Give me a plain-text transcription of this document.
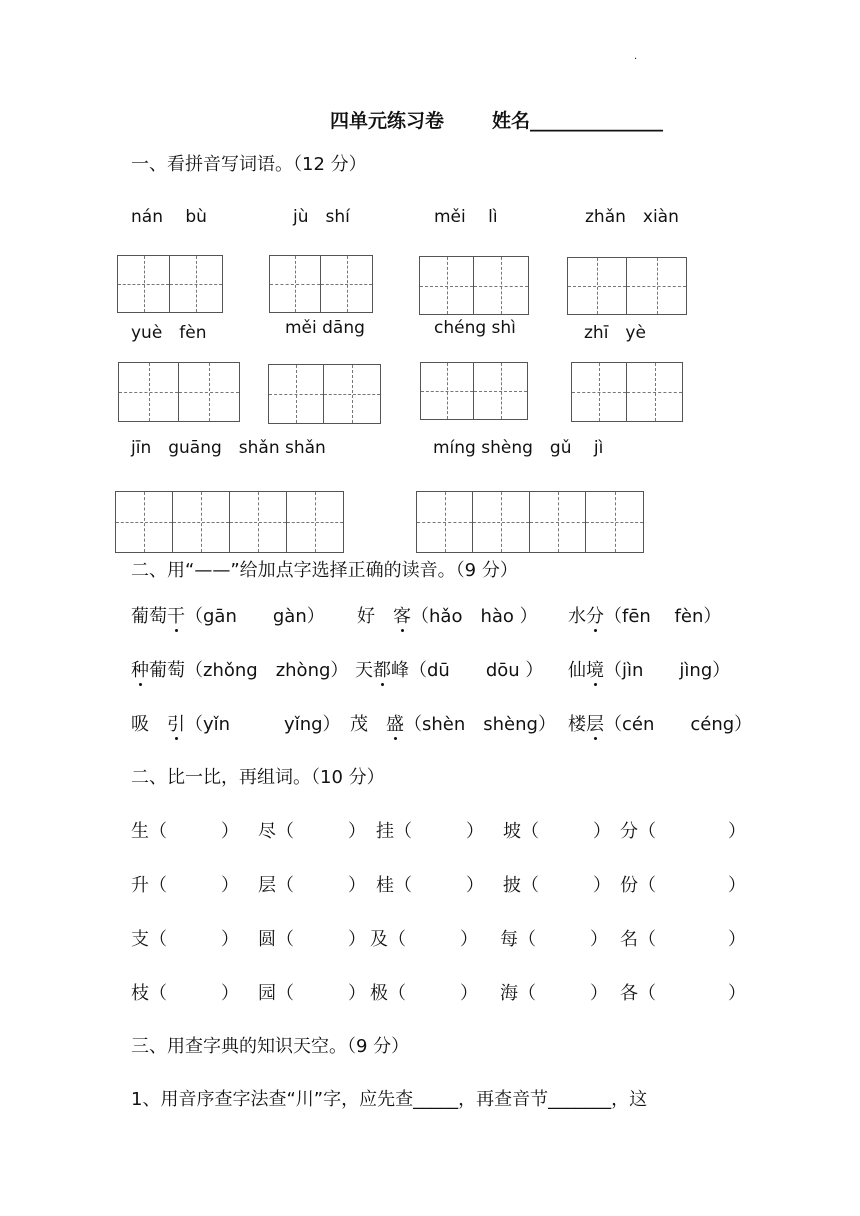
·
四单元练习卷	姓名______________
一、看拼音写词语。（12 分）
nán　 bù	jù　shí	měi　 lì	zhǎn　xiàn
yuè　fèn	měi dāng	chéng shì	zhī　yè
jīn　guāng　shǎn shǎn	míng shèng　gǔ　 jì
二、用“——”给加点字选择正确的读音。（9 分）
葡萄干（gān　　gàn） 好　客（hǎo　hào ） 水分（fēn　 fèn）
种葡萄（zhǒng　zhòng） 天都峰（dū　　dōu ） 仙境（jìn　　jìng）
吸　引（yǐn　　　yǐng） 茂　盛（shèn　shèng） 楼层（cén　　céng）
二、比一比，再组词。（10 分）
生（　　　） 尽（　　　） 挂（　　　） 坡（　　　） 分（　　　　）
升（　　　） 层（　　　） 桂（　　　） 披（　　　） 份（　　　　）
支（　　　） 圆（　　　） 及（　　　） 每（　　　） 名（　　　　）
枝（　　　） 园（　　　） 极（　　　） 海（　　　） 各（　　　　）
三、用查字典的知识天空。（9 分）
1、用音序查字法查“川”字，应先查_____，再查音节_______，这
